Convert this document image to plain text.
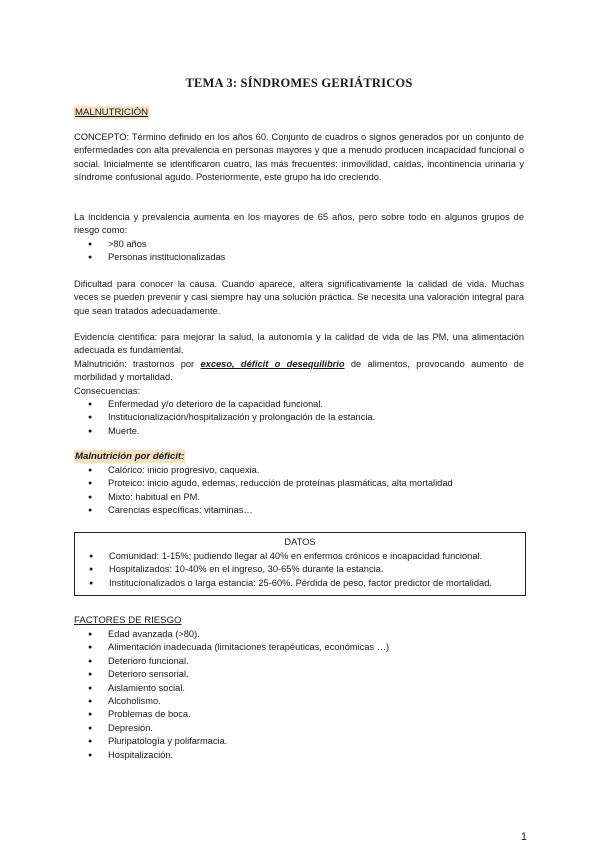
TEMA 3: SÍNDROMES GERIÁTRICOS
MALNUTRICIÓN

CONCEPTO: Término definido en los años 60. Conjunto de cuadros o signos generados por un conjunto de enfermedades con alta prevalencia en personas mayores y que a menudo producen incapacidad funcional o social. Inicialmente se identificaron cuatro, las más frecuentes: inmovilidad, caídas, incontinencia urinaria y síndrome confusional agudo. Posteriormente, este grupo ha ido creciendo.

La incidencia y prevalencia aumenta en los mayores de 65 años, pero sobre todo en algunos grupos de riesgo como:

● >80 años
● Personas institucionalizadas

Dificultad para conocer la causa. Cuando aparece, altera significativamente la calidad de vida. Muchas veces se pueden prevenir y casi siempre hay una solución práctica. Se necesita una valoración integral para que sean tratados adecuadamente.

Evidencia científica: para mejorar la salud, la autonomía y la calidad de vida de las PM, una alimentación adecuada es fundamental.

Malnutrición: trastornos por exceso, déficit o desequilibrio de alimentos, provocando aumento de morbilidad y mortalidad.

Consecuencias:
● Enfermedad y/o deterioro de la capacidad funcional.
● Institucionalización/hospitalización y prolongación de la estancia.
● Muerte.
Malnutrición por déficit:
● Calórico: inicio progresivo, caquexia.
● Proteico: inicio agudo, edemas, reducción de proteínas plasmáticas, alta mortalidad
● Mixto: habitual en PM.
● Carencias específicas: vitaminas…
DATOS
● Comunidad: 1-15%; pudiendo llegar al 40% en enfermos crónicos e incapacidad funcional.
● Hospitalizados: 10-40% en el ingreso, 30-65% durante la estancia.
● Institucionalizados o larga estancia: 25-60%. Pérdida de peso, factor predictor de mortalidad.
FACTORES DE RIESGO
● Edad avanzada (>80).
● Alimentación inadecuada (limitaciones terapéuticas, económicas …)
● Deterioro funcional.
● Deterioro sensorial.
● Aislamiento social.
● Alcoholismo.
● Problemas de boca.
● Depresión.
● Pluripatología y polifarmacia.
● Hospitalización.
1
